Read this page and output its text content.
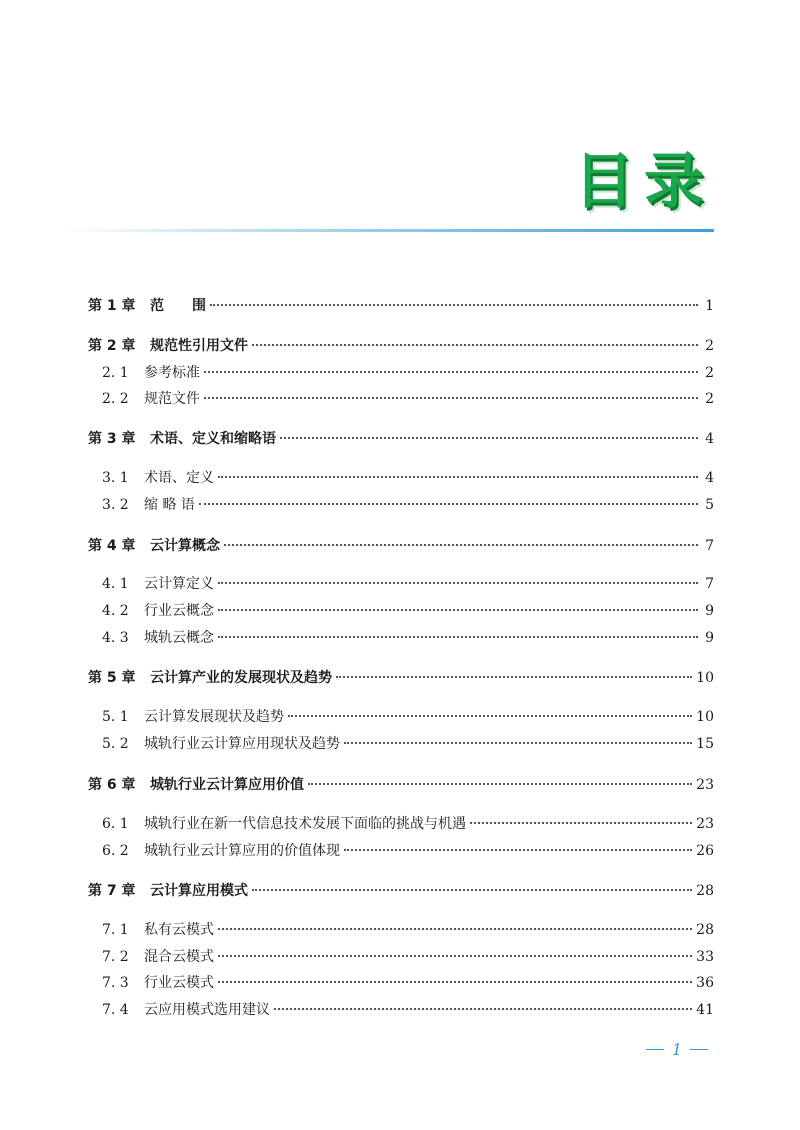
目录
第 1 章	范　　围	1
第 2 章	规范性引用文件	2
2. 1	参考标准	2
2. 2	规范文件	2
第 3 章	术语、定义和缩略语	4
3. 1	术语、定义	4
3. 2	缩 略 语	5
第 4 章	云计算概念	7
4. 1	云计算定义	7
4. 2	行业云概念	9
4. 3	城轨云概念	9
第 5 章	云计算产业的发展现状及趋势	10
5. 1	云计算发展现状及趋势	10
5. 2	城轨行业云计算应用现状及趋势	15
第 6 章	城轨行业云计算应用价值	23
6. 1	城轨行业在新一代信息技术发展下面临的挑战与机遇	23
6. 2	城轨行业云计算应用的价值体现	26
第 7 章	云计算应用模式	28
7. 1	私有云模式	28
7. 2	混合云模式	33
7. 3	行业云模式	36
7. 4	云应用模式选用建议	41
1
